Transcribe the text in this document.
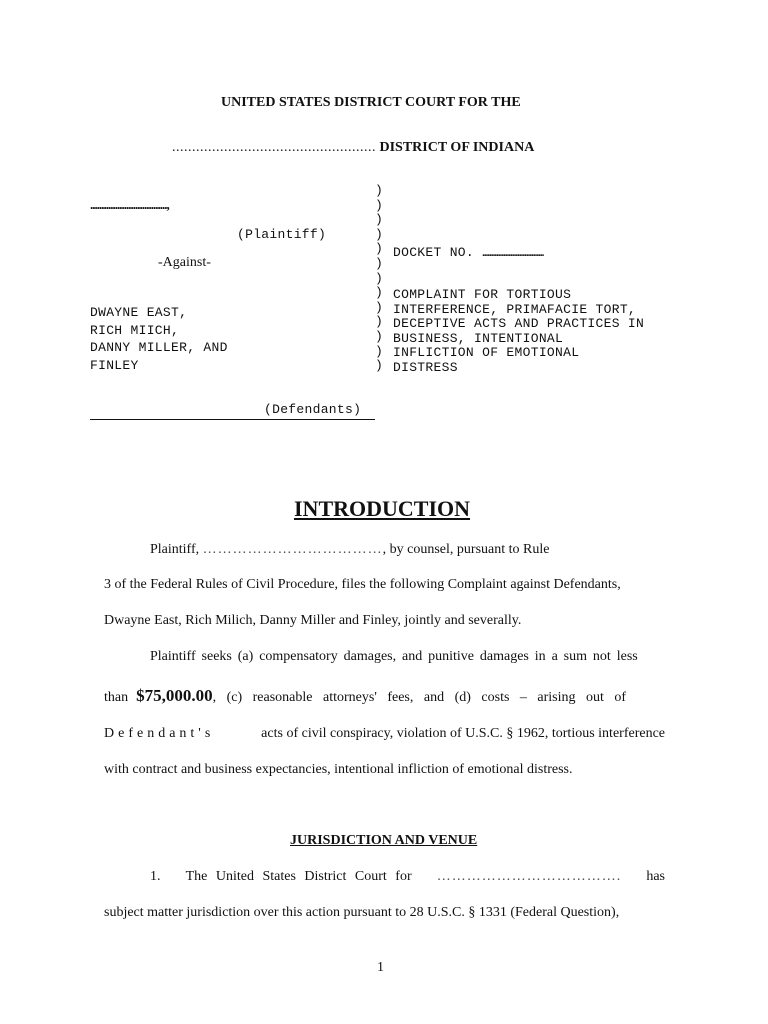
UNITED STATES DISTRICT COURT FOR THE
................................................... DISTRICT OF INDIANA
..................................,
(Plaintiff)
-Against-
DWAYNE EAST,
RICH MIICH,
DANNY MILLER, AND
FINLEY
(Defendants)
)
)
)
)
)
)
)
)
)
)
)
)
)
DOCKET NO. ...................................
COMPLAINT FOR TORTIOUS
INTERFERENCE, PRIMAFACIE TORT,
DECEPTIVE ACTS AND PRACTICES IN
BUSINESS, INTENTIONAL
INFLICTION OF EMOTIONAL
DISTRESS
INTRODUCTION
Plaintiff, ………………………………, by counsel, pursuant to Rule
3 of the Federal Rules of Civil Procedure, files the following Complaint against Defendants,
Dwayne East, Rich Milich, Danny Miller and Finley, jointly and severally.
Plaintiff seeks (a) compensatory damages, and punitive damages in a sum not less
than $75,000.00 , (c) reasonable attorneys' fees, and (d) costs – arising out of
Defendant's	acts of civil conspiracy, violation of U.S.C. § 1962, tortious interference
with contract and business expectancies, intentional infliction of emotional distress.
JURISDICTION AND VENUE
1. The United States District Court for ………………………………. has
subject matter jurisdiction over this action pursuant to 28 U.S.C. § 1331 (Federal Question),
1
